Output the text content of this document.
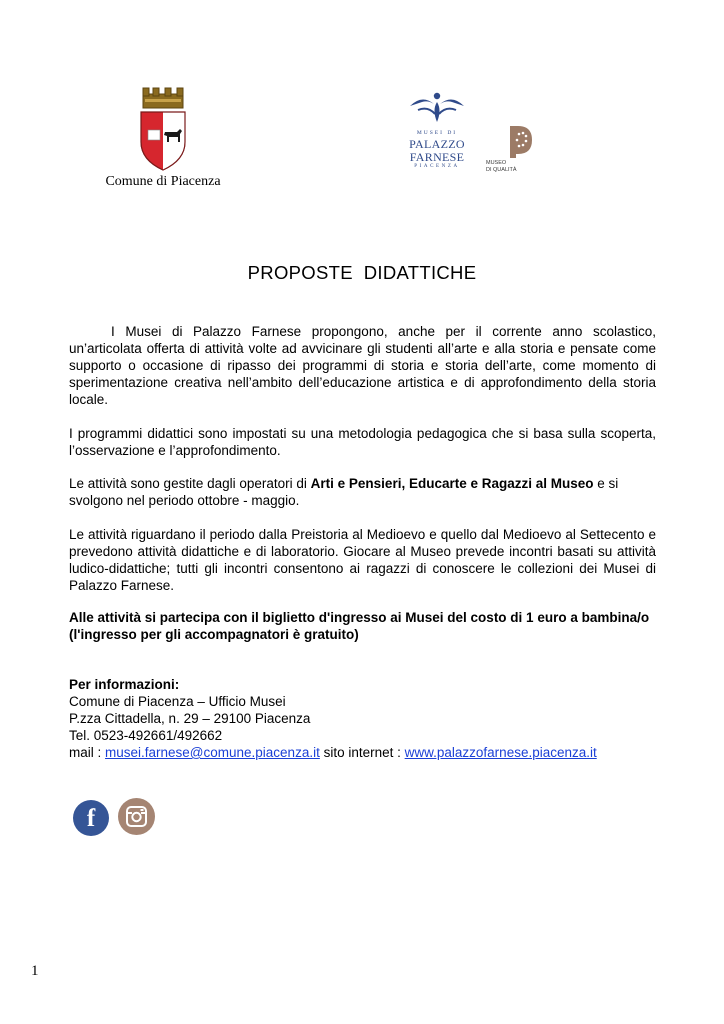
Comune di Piacenza
MUSEI DI
PALAZZO
FARNESE
PIACENZA
MUSEO
DI QUALITÀ
PROPOSTE  DIDATTICHE
I Musei di Palazzo Farnese propongono, anche per il corrente anno scolastico, un’articolata offerta di attività volte ad avvicinare gli studenti all’arte e alla storia e pensate come supporto o occasione di ripasso dei programmi di storia e storia dell’arte, come momento di sperimentazione creativa nell’ambito dell’educazione artistica e di approfondimento della storia locale.
I programmi didattici sono impostati su una metodologia pedagogica che si basa sulla scoperta, l’osservazione e l’approfondimento.
Le attività sono gestite dagli operatori di Arti e Pensieri, Educarte e Ragazzi al Museo e si svolgono nel periodo ottobre - maggio.
Le attività riguardano il periodo dalla Preistoria al Medioevo e quello dal Medioevo al Settecento e prevedono attività didattiche e di laboratorio. Giocare al Museo prevede incontri basati su attività ludico-didattiche; tutti gli incontri consentono ai ragazzi di conoscere le collezioni dei Musei di Palazzo Farnese.
Alle attività si partecipa con il biglietto d'ingresso ai Musei del costo di 1 euro a bambina/o (l'ingresso per gli accompagnatori è gratuito)
Per informazioni:
Comune di Piacenza – Ufficio Musei
P.zza Cittadella, n. 29 – 29100 Piacenza
Tel. 0523-492661/492662
mail : musei.farnese@comune.piacenza.it sito internet : www.palazzofarnese.piacenza.it
f
1
